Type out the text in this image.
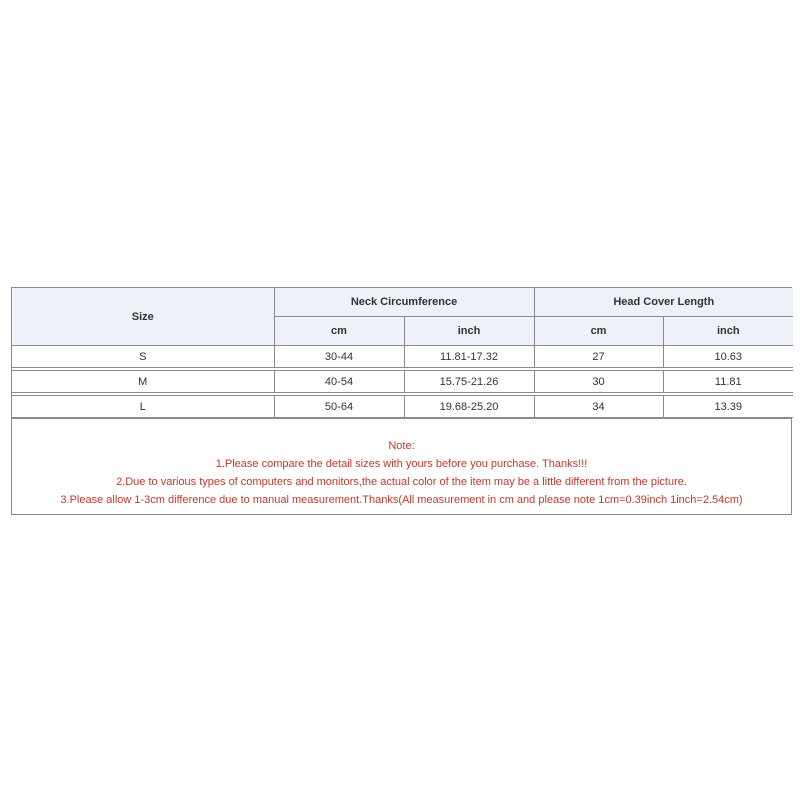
Size	Neck Circumference		Head Cover Length	
	cm	inch	cm	inch
S	30-44	11.81-17.32	27	10.63

M	40-54	15.75-21.26	30	11.81

L	50-64	19.68-25.20	34	13.39
Note:
1.Please compare the detail sizes with yours before you purchase. Thanks!!!
2.Due to various types of computers and monitors,the actual color of the item may be a little different from the picture.
3.Please allow 1-3cm difference due to manual measurement.Thanks(All measurement in cm and please note 1cm=0.39inch 1inch=2.54cm)
